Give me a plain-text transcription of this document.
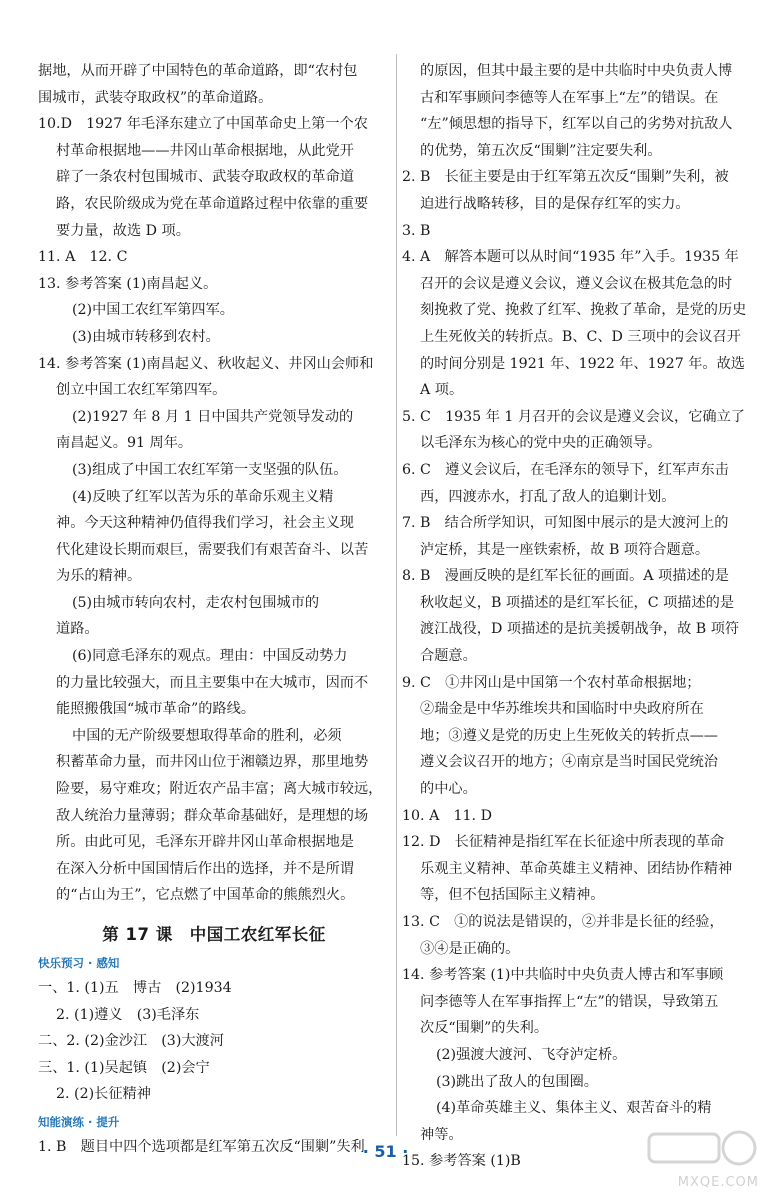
据地，从而开辟了中国特色的革命道路，即“农村包

围城市，武装夺取政权”的革命道路。

10.D　1927 年毛泽东建立了中国革命史上第一个农

村革命根据地——井冈山革命根据地，从此党开

辟了一条农村包围城市、武装夺取政权的革命道

路，农民阶级成为党在革命道路过程中依靠的重要

要力量，故选 D 项。

11. A　12. C

13. 参考答案 (1)南昌起义。

(2)中国工农红军第四军。

(3)由城市转移到农村。

14. 参考答案 (1)南昌起义、秋收起义、井冈山会师和

创立中国工农红军第四军。

(2)1927 年 8 月 1 日中国共产党领导发动的

南昌起义。91 周年。

(3)组成了中国工农红军第一支坚强的队伍。

(4)反映了红军以苦为乐的革命乐观主义精

神。今天这种精神仍值得我们学习，社会主义现

代化建设长期而艰巨，需要我们有艰苦奋斗、以苦

为乐的精神。

(5)由城市转向农村，走农村包围城市的

道路。

(6)同意毛泽东的观点。理由：中国反动势力

的力量比较强大，而且主要集中在大城市，因而不

能照搬俄国“城市革命”的路线。

中国的无产阶级要想取得革命的胜利，必须

积蓄革命力量，而井冈山位于湘赣边界，那里地势

险要，易守难攻；附近农产品丰富；离大城市较远，

敌人统治力量薄弱；群众革命基础好，是理想的场

所。由此可见，毛泽东开辟井冈山革命根据地是

在深入分析中国国情后作出的选择，并不是所谓

的“占山为王”，它点燃了中国革命的熊熊烈火。

第 17 课　中国工农红军长征
快乐预习 · 感知

一、1. (1)五　博古　(2)1934

2. (1)遵义　(3)毛泽东

二、2. (2)金沙江　(3)大渡河

三、1. (1)吴起镇　(2)会宁

2. (2)长征精神

知能演练 · 提升

1. B　题目中四个选项都是红军第五次反“围剿”失利

的原因，但其中最主要的是中共临时中央负责人博

古和军事顾问李德等人在军事上“左”的错误。在

“左”倾思想的指导下，红军以自己的劣势对抗敌人

的优势，第五次反“围剿”注定要失利。

2. B　长征主要是由于红军第五次反“围剿”失利，被

迫进行战略转移，目的是保存红军的实力。

3. B

4. A　解答本题可以从时间“1935 年”入手。1935 年

召开的会议是遵义会议，遵义会议在极其危急的时

刻挽救了党、挽救了红军、挽救了革命，是党的历史

上生死攸关的转折点。B、C、D 三项中的会议召开

的时间分别是 1921 年、1922 年、1927 年。故选

A 项。

5. C　1935 年 1 月召开的会议是遵义会议，它确立了

以毛泽东为核心的党中央的正确领导。

6. C　遵义会议后，在毛泽东的领导下，红军声东击

西，四渡赤水，打乱了敌人的追剿计划。

7. B　结合所学知识，可知图中展示的是大渡河上的

泸定桥，其是一座铁索桥，故 B 项符合题意。

8. B　漫画反映的是红军长征的画面。A 项描述的是

秋收起义，B 项描述的是红军长征，C 项描述的是

渡江战役，D 项描述的是抗美援朝战争，故 B 项符

合题意。

9. C　①井冈山是中国第一个农村革命根据地；

②瑞金是中华苏维埃共和国临时中央政府所在

地；③遵义是党的历史上生死攸关的转折点——

遵义会议召开的地方；④南京是当时国民党统治

的中心。

10. A　11. D

12. D　长征精神是指红军在长征途中所表现的革命

乐观主义精神、革命英雄主义精神、团结协作精神

等，但不包括国际主义精神。

13. C　①的说法是错误的，②并非是长征的经验，

③④是正确的。

14. 参考答案 (1)中共临时中央负责人博古和军事顾

问李德等人在军事指挥上“左”的错误，导致第五

次反“围剿”的失利。

(2)强渡大渡河、飞夺泸定桥。

(3)跳出了敌人的包围圈。

(4)革命英雄主义、集体主义、艰苦奋斗的精

神等。

15. 参考答案 (1)B

· 51 ·
MXQE.COM
